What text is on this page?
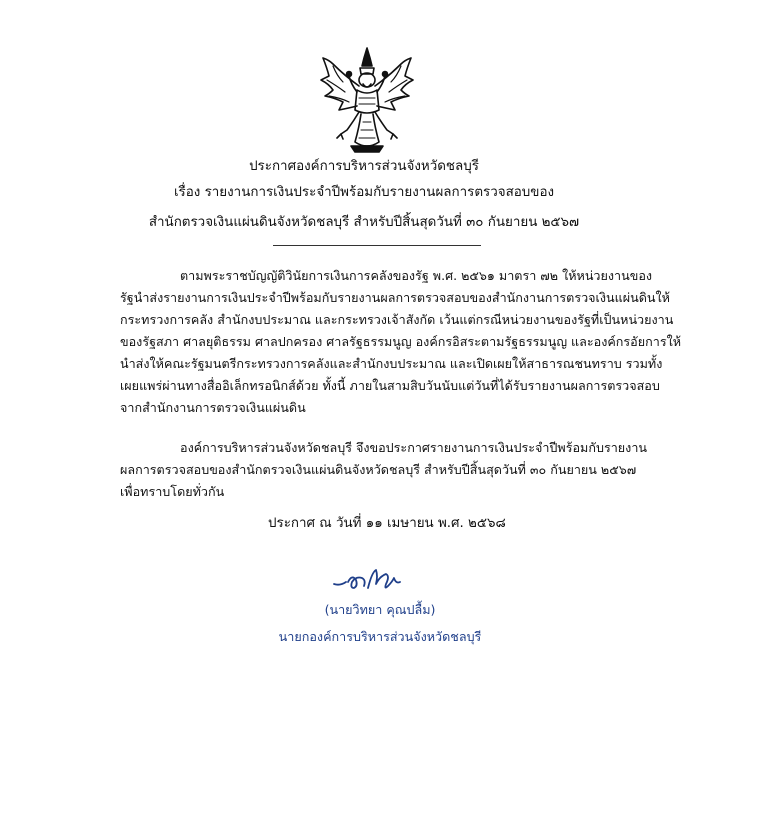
ประกาศองค์การบริหารส่วนจังหวัดชลบุรี
เรื่อง รายงานการเงินประจำปีพร้อมกับรายงานผลการตรวจสอบของ
สำนักตรวจเงินแผ่นดินจังหวัดชลบุรี สำหรับปีสิ้นสุดวันที่ ๓๐ กันยายน ๒๕๖๗
ตามพระราชบัญญัติวินัยการเงินการคลังของรัฐ พ.ศ. ๒๕๖๑ มาตรา ๗๒ ให้หน่วยงานของ
รัฐนำส่งรายงานการเงินประจำปีพร้อมกับรายงานผลการตรวจสอบของสำนักงานการตรวจเงินแผ่นดินให้
กระทรวงการคลัง สำนักงบประมาณ และกระทรวงเจ้าสังกัด เว้นแต่กรณีหน่วยงานของรัฐที่เป็นหน่วยงาน
ของรัฐสภา ศาลยุติธรรม ศาลปกครอง ศาลรัฐธรรมนูญ องค์กรอิสระตามรัฐธรรมนูญ และองค์กรอัยการให้
นำส่งให้คณะรัฐมนตรีกระทรวงการคลังและสำนักงบประมาณ และเปิดเผยให้สาธารณชนทราบ รวมทั้ง
เผยแพร่ผ่านทางสื่ออิเล็กทรอนิกส์ด้วย ทั้งนี้ ภายในสามสิบวันนับแต่วันที่ได้รับรายงานผลการตรวจสอบ
จากสำนักงานการตรวจเงินแผ่นดิน
องค์การบริหารส่วนจังหวัดชลบุรี จึงขอประกาศรายงานการเงินประจำปีพร้อมกับรายงาน
ผลการตรวจสอบของสำนักตรวจเงินแผ่นดินจังหวัดชลบุรี สำหรับปีสิ้นสุดวันที่ ๓๐ กันยายน ๒๕๖๗
เพื่อทราบโดยทั่วกัน
ประกาศ ณ วันที่ ๑๑ เมษายน พ.ศ. ๒๕๖๘
(นายวิทยา คุณปลื้ม)
นายกองค์การบริหารส่วนจังหวัดชลบุรี
